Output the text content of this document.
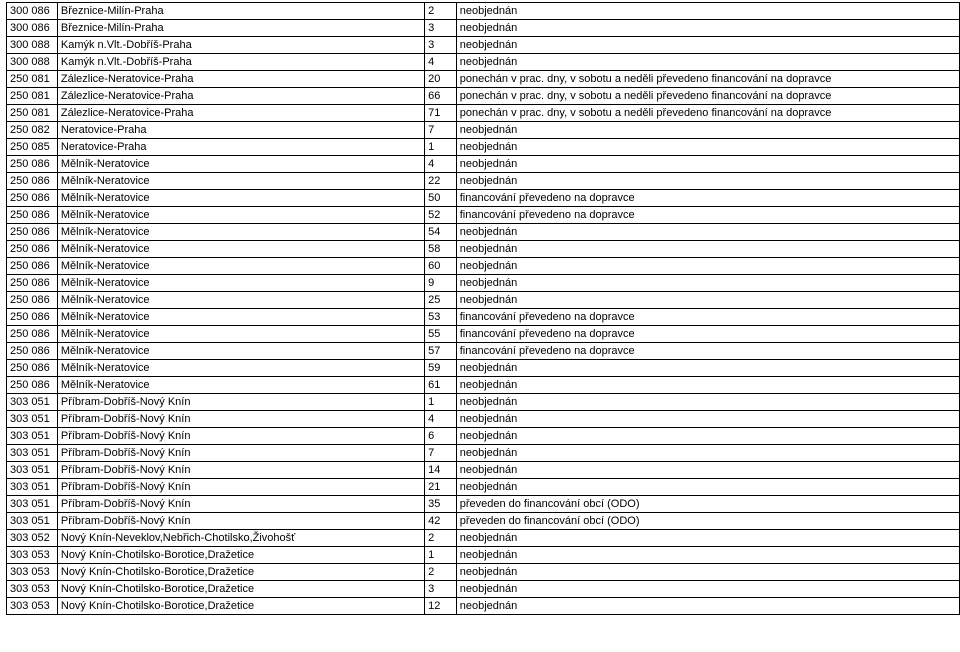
300 086	Březnice-Milín-Praha	2	neobjednán
300 086	Březnice-Milín-Praha	3	neobjednán
300 088	Kamýk n.Vlt.-Dobříš-Praha	3	neobjednán
300 088	Kamýk n.Vlt.-Dobříš-Praha	4	neobjednán
250 081	Zálezlice-Neratovice-Praha	20	ponechán v prac. dny, v sobotu a neděli převedeno financování na dopravce
250 081	Zálezlice-Neratovice-Praha	66	ponechán v prac. dny, v sobotu a neděli převedeno financování na dopravce
250 081	Zálezlice-Neratovice-Praha	71	ponechán v prac. dny, v sobotu a neděli převedeno financování na dopravce
250 082	Neratovice-Praha	7	neobjednán
250 085	Neratovice-Praha	1	neobjednán
250 086	Mělník-Neratovice	4	neobjednán
250 086	Mělník-Neratovice	22	neobjednán
250 086	Mělník-Neratovice	50	financování převedeno na dopravce
250 086	Mělník-Neratovice	52	financování převedeno na dopravce
250 086	Mělník-Neratovice	54	neobjednán
250 086	Mělník-Neratovice	58	neobjednán
250 086	Mělník-Neratovice	60	neobjednán
250 086	Mělník-Neratovice	9	neobjednán
250 086	Mělník-Neratovice	25	neobjednán
250 086	Mělník-Neratovice	53	financování převedeno na dopravce
250 086	Mělník-Neratovice	55	financování převedeno na dopravce
250 086	Mělník-Neratovice	57	financování převedeno na dopravce
250 086	Mělník-Neratovice	59	neobjednán
250 086	Mělník-Neratovice	61	neobjednán
303 051	Příbram-Dobříš-Nový Knín	1	neobjednán
303 051	Příbram-Dobříš-Nový Knín	4	neobjednán
303 051	Příbram-Dobříš-Nový Knín	6	neobjednán
303 051	Příbram-Dobříš-Nový Knín	7	neobjednán
303 051	Příbram-Dobříš-Nový Knín	14	neobjednán
303 051	Příbram-Dobříš-Nový Knín	21	neobjednán
303 051	Příbram-Dobříš-Nový Knín	35	převeden do financování obcí (ODO)
303 051	Příbram-Dobříš-Nový Knín	42	převeden do financování obcí (ODO)
303 052	Nový Knín-Neveklov,Nebřich-Chotilsko,Živohošť	2	neobjednán
303 053	Nový Knín-Chotilsko-Borotice,Dražetice	1	neobjednán
303 053	Nový Knín-Chotilsko-Borotice,Dražetice	2	neobjednán
303 053	Nový Knín-Chotilsko-Borotice,Dražetice	3	neobjednán
303 053	Nový Knín-Chotilsko-Borotice,Dražetice	12	neobjednán
